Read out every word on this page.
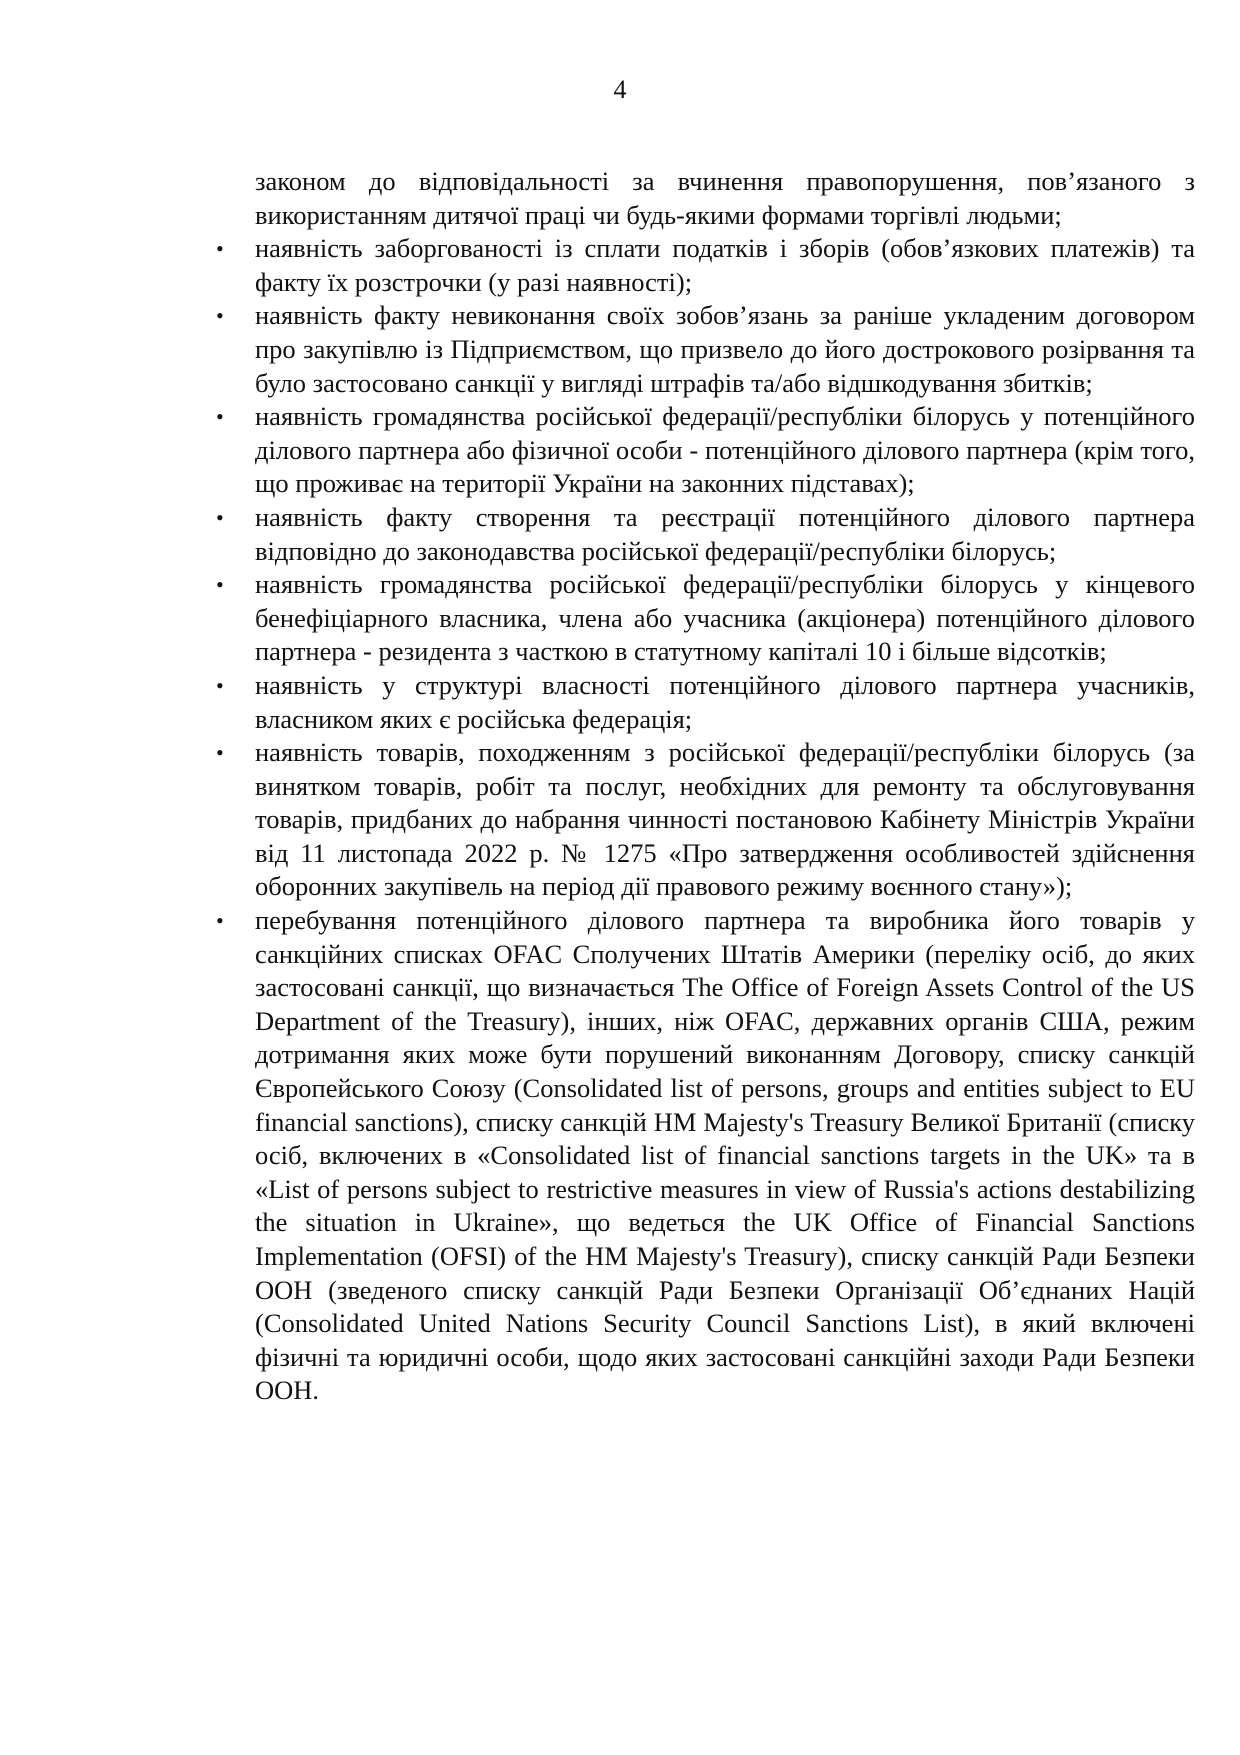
4

законом до відповідальності за вчинення правопорушення, пов’язаного з використанням дитячої праці чи будь-якими формами торгівлі людьми;

•	наявність заборгованості із сплати податків і зборів (обов’язкових платежів) та факту їх розстрочки (у разі наявності);
•	наявність факту невиконання своїх зобов’язань за раніше укладеним договором про закупівлю із Підприємством, що призвело до його дострокового розірвання та було застосовано санкції у вигляді штрафів та/або відшкодування збитків;
•	наявність громадянства російської федерації/республіки білорусь у потенційного ділового партнера або фізичної особи - потенційного ділового партнера (крім того, що проживає на території України на законних підставах);
•	наявність факту створення та реєстрації потенційного ділового партнера відповідно до законодавства російської федерації/республіки білорусь;
•	наявність громадянства російської федерації/республіки білорусь у кінцевого бенефіціарного власника, члена або учасника (акціонера) потенційного ділового партнера - резидента з часткою в статутному капіталі 10 і більше відсотків;
•	наявність у структурі власності потенційного ділового партнера учасників, власником яких є російська федерація;
•	наявність товарів, походженням з російської федерації/республіки білорусь (за винятком товарів, робіт та послуг, необхідних для ремонту та обслуговування товарів, придбаних до набрання чинності постановою Кабінету Міністрів України від 11 листопада 2022 р. № 1275 «Про затвердження особливостей здійснення оборонних закупівель на період дії правового режиму воєнного стану»);
•	перебування потенційного ділового партнера та виробника його товарів у санкційних списках OFAC Сполучених Штатів Америки (переліку осіб, до яких застосовані санкції, що визначається The Office of Foreign Assets Control of the US Department of the Treasury), інших, ніж OFAC, державних органів США, режим дотримання яких може бути порушений виконанням Договору, списку санкцій Європейського Союзу (Consolidated list of persons, groups and entities subject to EU financial sanctions), списку санкцій HM Majesty's Treasury Великої Британії (списку осіб, включених в «Consolidated list of financial sanctions targets in the UK» та в «List of persons subject to restrictive measures in view of Russia's actions destabilizing the situation in Ukraine», що ведеться the UK Office of Financial Sanctions Implementation (OFSI) of the HM Majesty's Treasury), списку санкцій Ради Безпеки ООН (зведеного списку санкцій Ради Безпеки Організації Об’єднаних Націй (Consolidated United Nations Security Council Sanctions List), в який включені фізичні та юридичні особи, щодо яких застосовані санкційні заходи Ради Безпеки ООН.
